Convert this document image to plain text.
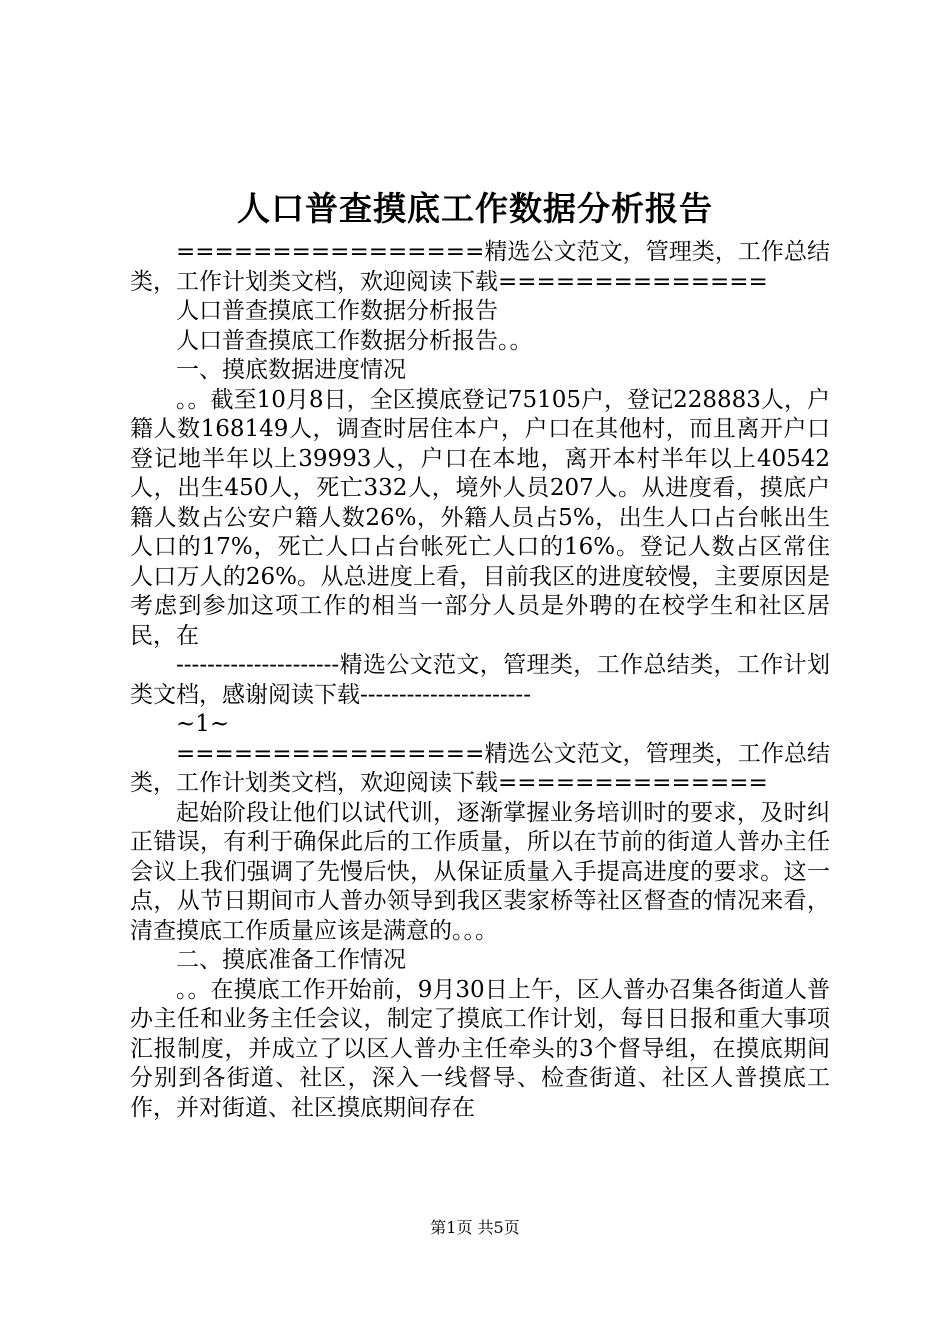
人口普查摸底工作数据分析报告

================精选公文范文，管理类，工作总结类，工作计划类文档，欢迎阅读下载==============

人口普查摸底工作数据分析报告

人口普查摸底工作数据分析报告。。

一、摸底数据进度情况

。。截至10月8日，全区摸底登记75105户，登记228883人，户籍人数168149人，调查时居住本户，户口在其他村，而且离开户口登记地半年以上39993人，户口在本地，离开本村半年以上40542人，出生450人，死亡332人，境外人员207人。从进度看，摸底户籍人数占公安户籍人数26%，外籍人员占5%，出生人口占台帐出生人口的17%，死亡人口占台帐死亡人口的16%。登记人数占区常住人口万人的26%。从总进度上看，目前我区的进度较慢，主要原因是考虑到参加这项工作的相当一部分人员是外聘的在校学生和社区居民，在

---------------------精选公文范文，管理类，工作总结类，工作计划类文档，感谢阅读下载----------------------

~1~

================精选公文范文，管理类，工作总结类，工作计划类文档，欢迎阅读下载==============

起始阶段让他们以试代训，逐渐掌握业务培训时的要求，及时纠正错误，有利于确保此后的工作质量，所以在节前的街道人普办主任会议上我们强调了先慢后快，从保证质量入手提高进度的要求。这一点，从节日期间市人普办领导到我区裴家桥等社区督查的情况来看，清查摸底工作质量应该是满意的。。。

二、摸底准备工作情况

。。在摸底工作开始前，9月30日上午，区人普办召集各街道人普办主任和业务主任会议，制定了摸底工作计划，每日日报和重大事项汇报制度，并成立了以区人普办主任牵头的3个督导组，在摸底期间分别到各街道、社区，深入一线督导、检查街道、社区人普摸底工作，并对街道、社区摸底期间存在

第1页 共5页
